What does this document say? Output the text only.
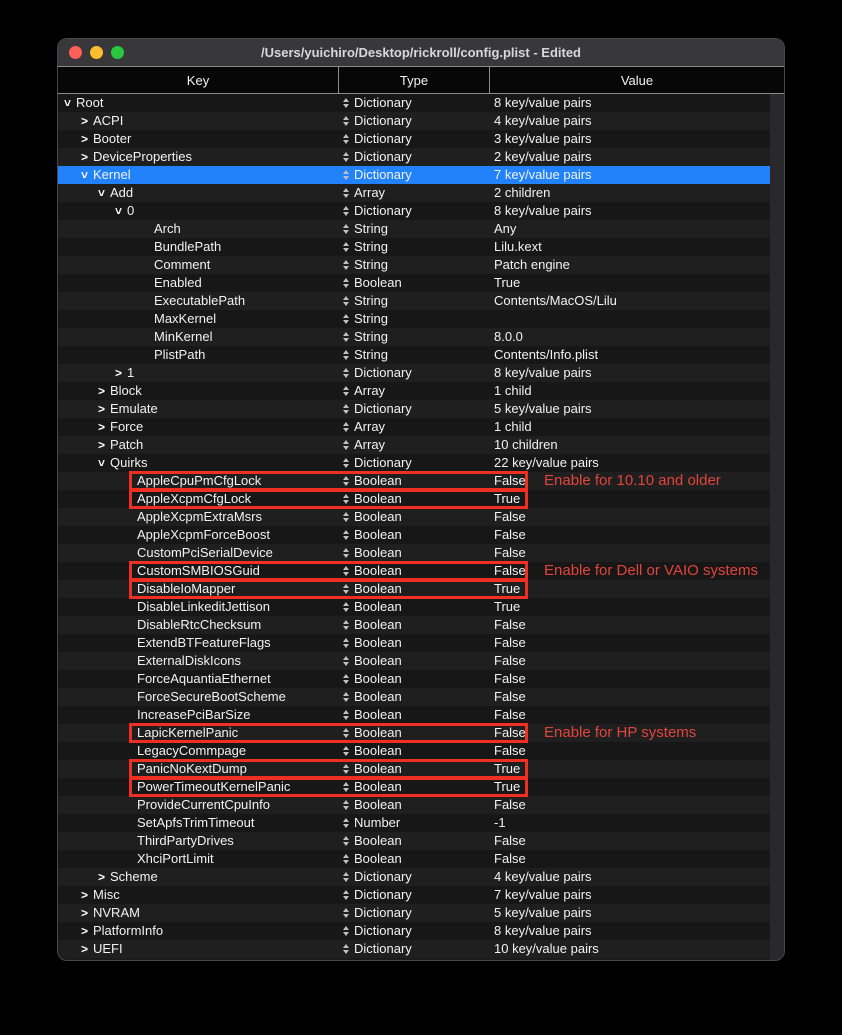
/Users/yuichiro/Desktop/rickroll/config.plist - Edited
Key	Type	Value
> Root	Dictionary	8 key/value pairs
> ACPI	Dictionary	4 key/value pairs
> Booter	Dictionary	3 key/value pairs
> DeviceProperties	Dictionary	2 key/value pairs
> Kernel	Dictionary	7 key/value pairs
> Add	Array	2 children
> 0	Dictionary	8 key/value pairs
Arch	String	Any
BundlePath	String	Lilu.kext
Comment	String	Patch engine
Enabled	Boolean	True
ExecutablePath	String	Contents/MacOS/Lilu
MaxKernel	String
MinKernel	String	8.0.0
PlistPath	String	Contents/Info.plist
> 1	Dictionary	8 key/value pairs
> Block	Array	1 child
> Emulate	Dictionary	5 key/value pairs
> Force	Array	1 child
> Patch	Array	10 children
> Quirks	Dictionary	22 key/value pairs
AppleCpuPmCfgLock	Boolean	False Enable for 10.10 and older
AppleXcpmCfgLock	Boolean	True
AppleXcpmExtraMsrs	Boolean	False
AppleXcpmForceBoost	Boolean	False
CustomPciSerialDevice	Boolean	False
CustomSMBIOSGuid	Boolean	False Enable for Dell or VAIO systems
DisableIoMapper	Boolean	True
DisableLinkeditJettison	Boolean	True
DisableRtcChecksum	Boolean	False
ExtendBTFeatureFlags	Boolean	False
ExternalDiskIcons	Boolean	False
ForceAquantiaEthernet	Boolean	False
ForceSecureBootScheme	Boolean	False
IncreasePciBarSize	Boolean	False
LapicKernelPanic	Boolean	False Enable for HP systems
LegacyCommpage	Boolean	False
PanicNoKextDump	Boolean	True
PowerTimeoutKernelPanic	Boolean	True
ProvideCurrentCpuInfo	Boolean	False
SetApfsTrimTimeout	Number	-1
ThirdPartyDrives	Boolean	False
XhciPortLimit	Boolean	False
> Scheme	Dictionary	4 key/value pairs
> Misc	Dictionary	7 key/value pairs
> NVRAM	Dictionary	5 key/value pairs
> PlatformInfo	Dictionary	8 key/value pairs
> UEFI	Dictionary	10 key/value pairs
